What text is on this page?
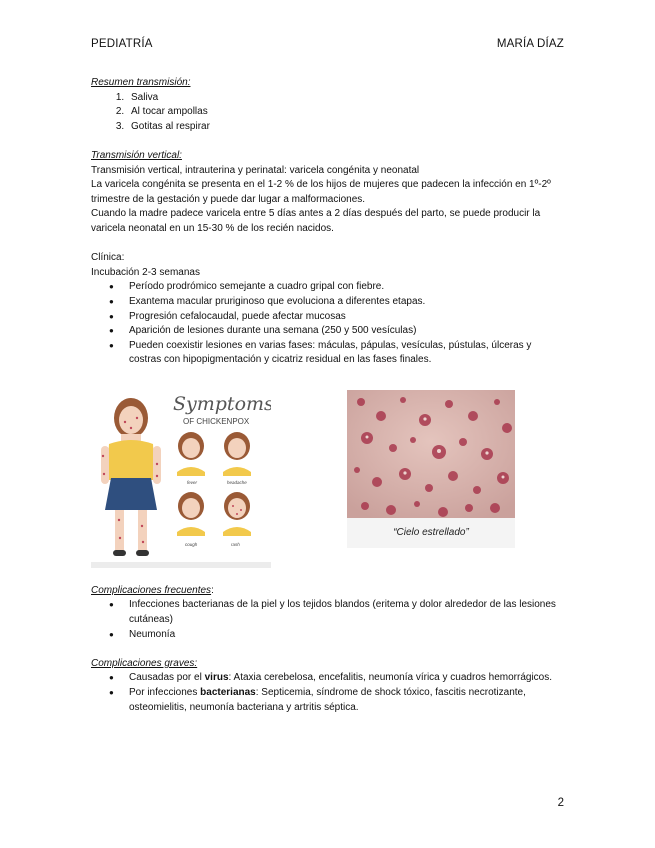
PEDIATRÍA	MARÍA DÍAZ
Resumen transmisión:
1. Saliva
2. Al tocar ampollas
3. Gotitas al respirar
Transmisión vertical:

Transmisión vertical, intrauterina y perinatal: varicela congénita y neonatal

La varicela congénita se presenta en el 1-2 % de los hijos de mujeres que padecen la infección en 1º-2º trimestre de la gestación y puede dar lugar a malformaciones.

Cuando la madre padece varicela entre 5 días antes a 2 días después del parto, se puede producir la varicela neonatal en un 15-30 % de los recién nacidos.

Clínica:
Incubación 2-3 semanas
● Período prodrómico semejante a cuadro gripal con fiebre.
● Exantema macular pruriginoso que evoluciona a diferentes etapas.
● Progresión cefalocaudal, puede afectar mucosas
● Aparición de lesiones durante una semana (250 y 500 vesículas)
● Pueden coexistir lesiones en varias fases: máculas, pápulas, vesículas, pústulas, úlceras y costras con hipopigmentación y cicatriz residual en las fases finales.
Symptoms
OF CHICKENPOX
fever	headache
cough	rash
“Cielo estrellado”
Complicaciones frecuentes:
● Infecciones bacterianas de la piel y los tejidos blandos (eritema y dolor alrededor de las lesiones cutáneas)
● Neumonía
Complicaciones graves:
● Causadas por el virus: Ataxia cerebelosa, encefalitis, neumonía vírica y cuadros hemorrágicos.
● Por infecciones bacterianas: Septicemia, síndrome de shock tóxico, fascitis necrotizante, osteomielitis, neumonía bacteriana y artritis séptica.
2
